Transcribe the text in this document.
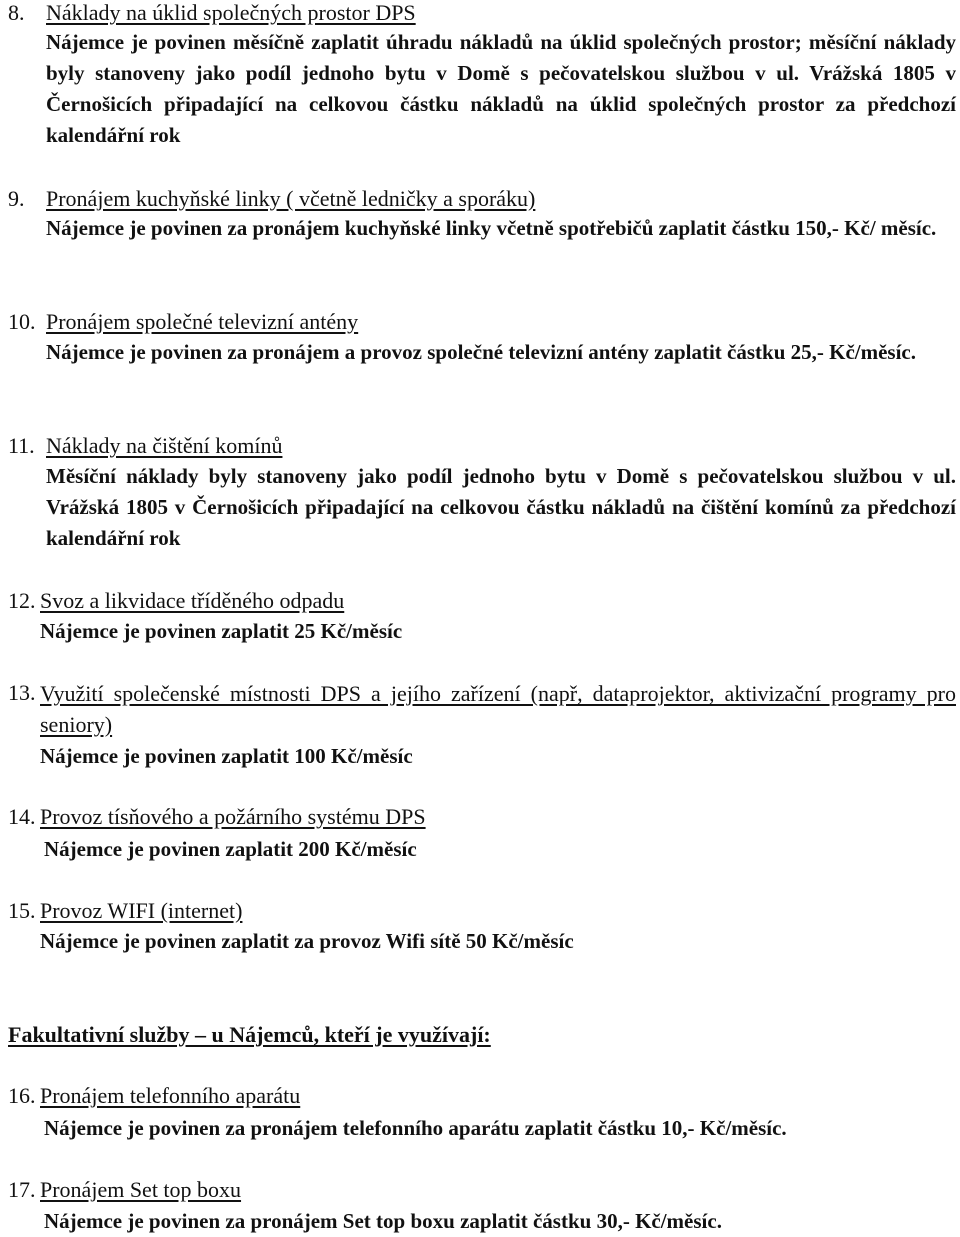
8. Náklady na úklid společných prostor DPS
Nájemce je povinen měsíčně zaplatit úhradu nákladů na úklid společných prostor; měsíční náklady byly stanoveny jako podíl jednoho bytu v Domě s pečovatelskou službou v ul. Vrážská 1805 v Černošicích připadající na celkovou částku nákladů na úklid společných prostor za předchozí kalendářní rok
9. Pronájem kuchyňské linky ( včetně ledničky a sporáku)
Nájemce je povinen za pronájem kuchyňské linky včetně spotřebičů zaplatit částku 150,- Kč/ měsíc.
10. Pronájem společné televizní antény
Nájemce je povinen za pronájem a provoz společné televizní antény zaplatit částku 25,- Kč/měsíc.
11. Náklady na čištění komínů
Měsíční náklady byly stanoveny jako podíl jednoho bytu v Domě s pečovatelskou službou v ul. Vrážská 1805 v Černošicích připadající na celkovou částku nákladů na čištění komínů za předchozí kalendářní rok
12. Svoz a likvidace tříděného odpadu
Nájemce je povinen zaplatit 25 Kč/měsíc
13. Využití společenské místnosti DPS a jejího zařízení (např, dataprojektor, aktivizační programy pro seniory)
Nájemce je povinen zaplatit 100 Kč/měsíc
14. Provoz tísňového a požárního systému DPS
Nájemce je povinen zaplatit 200 Kč/měsíc
15. Provoz WIFI (internet)
Nájemce je povinen zaplatit za provoz Wifi sítě 50 Kč/měsíc
Fakultativní služby – u Nájemců, kteří je využívají:
16. Pronájem telefonního aparátu
Nájemce je povinen za pronájem telefonního aparátu zaplatit částku 10,- Kč/měsíc.
17. Pronájem Set top boxu
Nájemce je povinen za pronájem Set top boxu zaplatit částku 30,- Kč/měsíc.
